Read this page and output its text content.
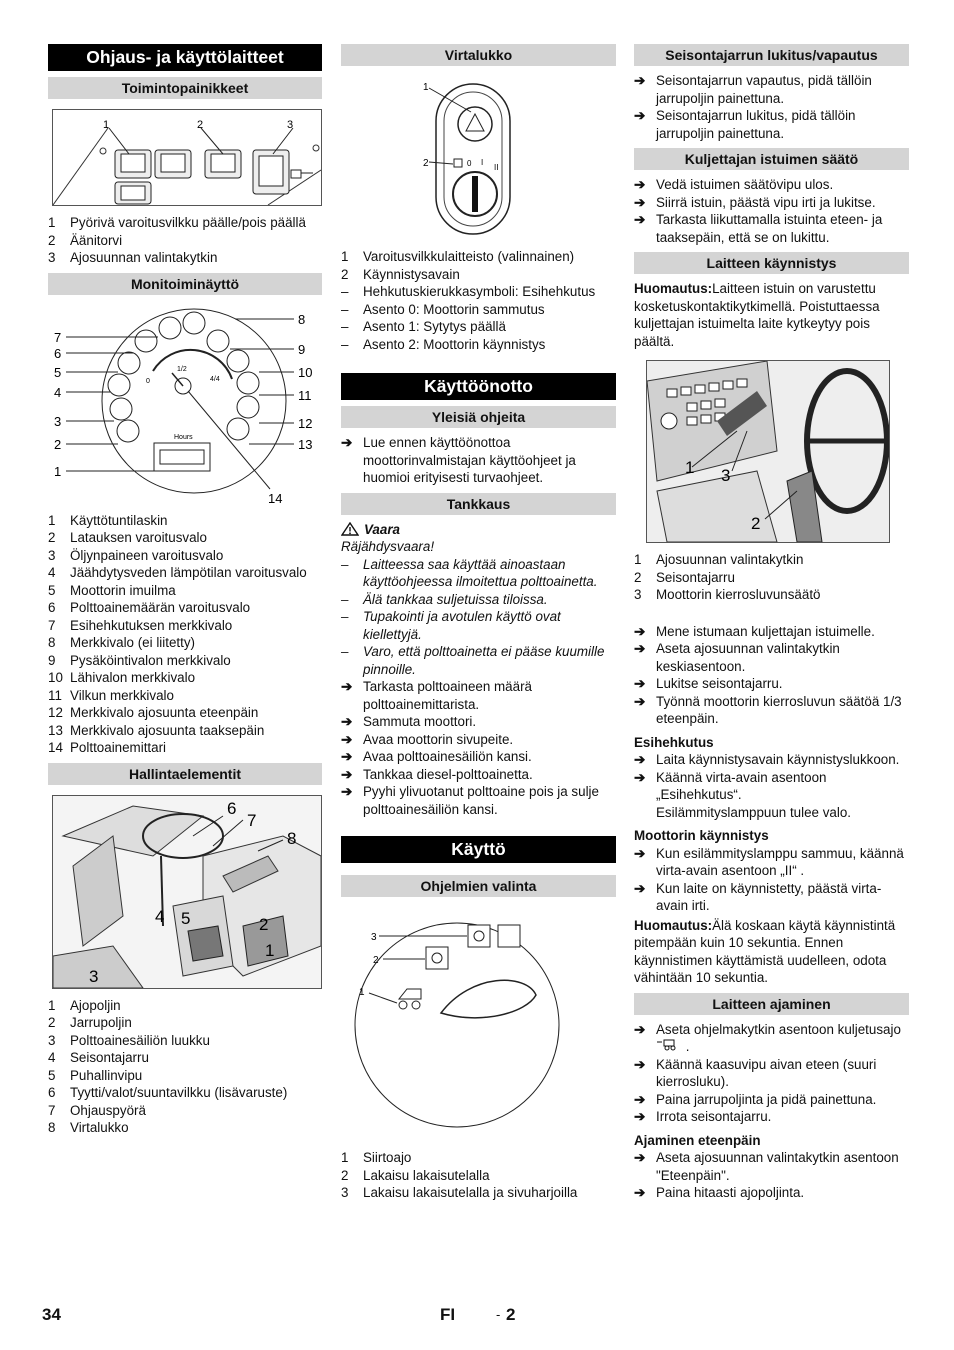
Ohjaus- ja käyttölaitteet
Toimintopainikkeet
1	2	3
1	Pyörivä varoitusvilkku päälle/pois päällä
2	Äänitorvi
3	Ajosuunnan valintakytkin
Monitoiminäyttö
1/2
4/4
0
Hours
7
6
5
4
3
2
1
8
9
10
11
12
13
14
1	Käyttötuntilaskin
2	Latauksen varoitusvalo
3	Öljynpaineen varoitusvalo
4	Jäähdytysveden lämpötilan varoitusvalo
5	Moottorin imuilma
6	Polttoainemäärän varoitusvalo
7	Esihehkutuksen merkkivalo
8	Merkkivalo (ei liitetty)
9	Pysäköintivalon merkkivalo
10 Lähivalon merkkivalo
11 Vilkun merkkivalo
12 Merkkivalo ajosuunta eteenpäin
13 Merkkivalo ajosuunta taaksepäin
14 Polttoainemittari
Hallintaelementit
6
7
8
4 5	2
1
3
1	Ajopoljin
2	Jarrupoljin
3	Polttoainesäiliön luukku
4	Seisontajarru
5	Puhallinvipu
6	Tyytti/valot/suuntavilkku (lisävaruste)
7	Ohjauspyörä
8	Virtalukko
Virtalukko
0 I
II
1
2
1	Varoitusvilkkulaitteisto (valinnainen)
2	Käynnistysavain
–	Hehkutuskierukkasymboli: Esihehkutus
–	Asento 0: Moottorin sammutus
–	Asento 1: Sytytys päällä
–	Asento 2: Moottorin käynnistys
Käyttöönotto
Yleisiä ohjeita
➔ Lue ennen käyttöönottoa moottorinvalmistajan käyttöohjeet ja huomioi erityisesti turvaohjeet.
Tankkaus
Vaara
Räjähdysvaara!
–	Laitteessa saa käyttää ainoastaan käyttöohjeessa ilmoitettua polttoainetta.
–	Älä tankkaa suljetuissa tiloissa.
–	Tupakointi ja avotulen käyttö ovat kiellettyjä.
–	Varo, että polttoainetta ei pääse kuumille pinnoille.
➔ Tarkasta polttoaineen määrä polttoainemittarista.
➔ Sammuta moottori.
➔ Avaa moottorin sivupeite.
➔ Avaa polttoainesäiliön kansi.
➔ Tankkaa diesel-polttoainetta.
➔ Pyyhi ylivuotanut polttoaine pois ja sulje polttoainesäiliön kansi.
Käyttö
Ohjelmien valinta
3
2
1
1	Siirtoajo
2	Lakaisu lakaisutelalla
3	Lakaisu lakaisutelalla ja sivuharjoilla
Seisontajarrun lukitus/vapautus
➔ Seisontajarrun vapautus, pidä tällöin jarrupoljin painettuna.
➔ Seisontajarrun lukitus, pidä tällöin jarrupoljin painettuna.
Kuljettajan istuimen säätö
➔ Vedä istuimen säätövipu ulos.
➔ Siirrä istuin, päästä vipu irti ja lukitse.
➔ Tarkasta liikuttamalla istuinta eteen- ja taaksepäin, että se on lukittu.
Laitteen käynnistys
Huomautus:Laitteen istuin on varustettu kosketuskontaktikytkimellä. Poistuttaessa kuljettajan istuimelta laite kytkeytyy pois päältä.
1 3
2
1	Ajosuunnan valintakytkin
2	Seisontajarru
3	Moottorin kierrosluvunsäätö
➔ Mene istumaan kuljettajan istuimelle.
➔ Aseta ajosuunnan valintakytkin keskiasentoon.
➔ Lukitse seisontajarru.
➔ Työnnä moottorin kierrosluvun säätöä 1/3 eteenpäin.
Esihehkutus
➔ Laita käynnistysavain käynnistyslukkoon.
➔ Käännä virta-avain asentoon „Esihehkutus“.
Esilämmityslamppuun tulee valo.
Moottorin käynnistys
➔ Kun esilämmityslamppu sammuu, käännä virta-avain asentoon „II“ .
➔ Kun laite on käynnistetty, päästä virta-avain irti.
Huomautus:Älä koskaan käytä käynnistintä pitempään kuin 10 sekuntia. Ennen käynnistimen käyttämistä uudelleen, odota vähintään 10 sekuntia.
Laitteen ajaminen
➔ Aseta ohjelmakytkin asentoon kuljetusajo  .
➔ Käännä kaasuvipu aivan eteen (suuri kierrosluku).
➔ Paina jarrupoljinta ja pidä painettuna.
➔ Irrota seisontajarru.
Ajaminen eteenpäin
➔ Aseta ajosuunnan valintakytkin asentoon "Eteenpäin".
➔ Paina hitaasti ajopoljinta.
34	FI	- 2
